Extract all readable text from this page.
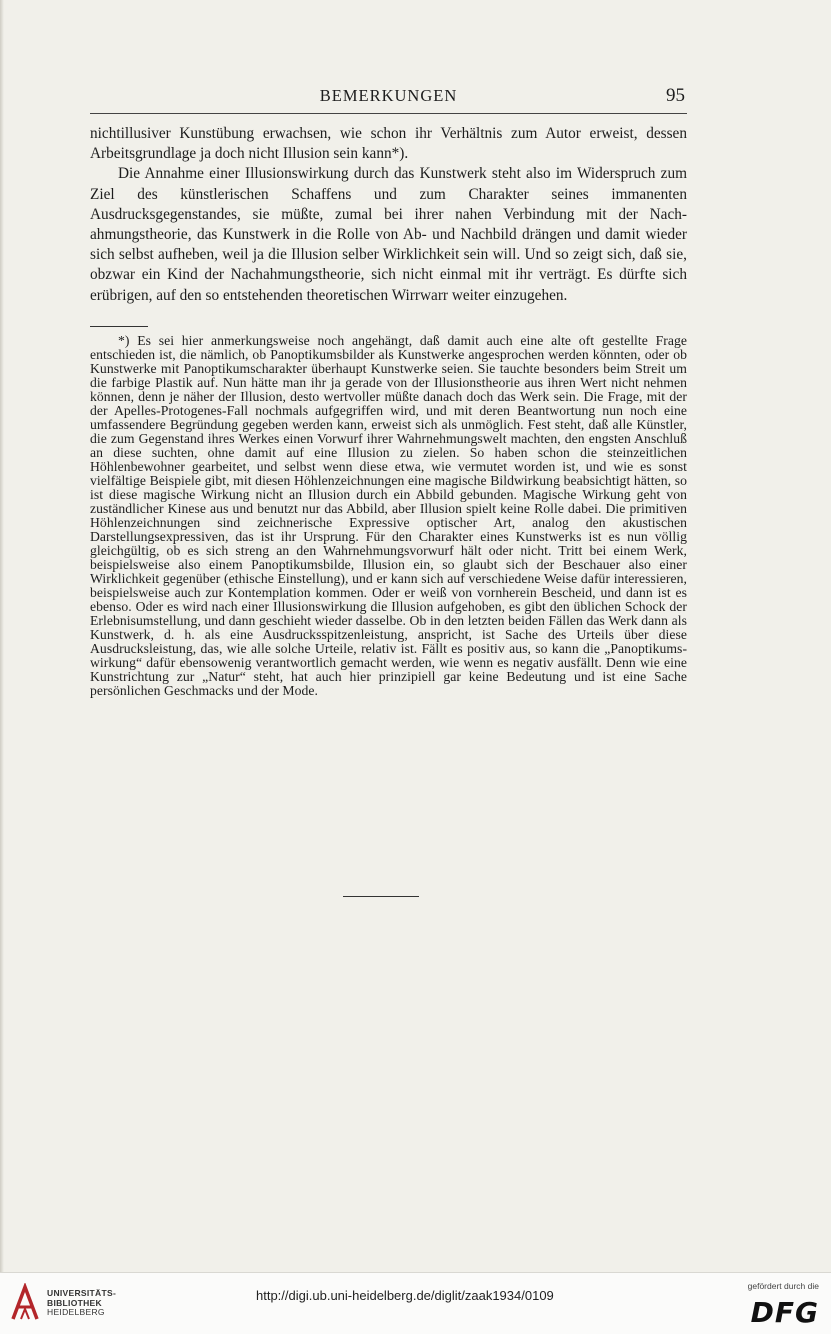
BEMERKUNGEN	95

nichtillusiver Kunstübung erwachsen, wie schon ihr Verhältnis zum Autor erweist, dessen Arbeitsgrundlage ja doch nicht Illusion sein kann*).

Die Annahme einer Illusionswirkung durch das Kunstwerk steht also im Widerspruch zum Ziel des künstlerischen Schaffens und zum Charakter seines immanenten Ausdrucksgegenstandes, sie müßte, zumal bei ihrer nahen Verbindung mit der Nachahmungstheorie, das Kunstwerk in die Rolle von Ab- und Nachbild drängen und damit wieder sich selbst aufheben, weil ja die Illusion selber Wirklichkeit sein will. Und so zeigt sich, daß sie, obzwar ein Kind der Nachahmungstheorie, sich nicht einmal mit ihr verträgt. Es dürfte sich erübrigen, auf den so entstehenden theoretischen Wirrwarr weiter einzugehen.

*) Es sei hier anmerkungsweise noch angehängt, daß damit auch eine alte oft gestellte Frage entschieden ist, die nämlich, ob Panoptikumsbilder als Kunstwerke angesprochen werden könnten, oder ob Kunstwerke mit Panoptikumscharakter überhaupt Kunstwerke seien. Sie tauchte besonders beim Streit um die farbige Plastik auf. Nun hätte man ihr ja gerade von der Illusionstheorie aus ihren Wert nicht nehmen können, denn je näher der Illusion, desto wertvoller müßte danach doch das Werk sein. Die Frage, mit der der Apelles-Protogenes-Fall nochmals aufgegriffen wird, und mit deren Beantwortung nun noch eine umfassendere Begründung gegeben werden kann, erweist sich als unmöglich. Fest steht, daß alle Künstler, die zum Gegenstand ihres Werkes einen Vorwurf ihrer Wahrnehmungswelt machten, den engsten Anschluß an diese suchten, ohne damit auf eine Illusion zu zielen. So haben schon die steinzeitlichen Höhlenbewohner gearbeitet, und selbst wenn diese etwa, wie vermutet worden ist, und wie es sonst vielfältige Beispiele gibt, mit diesen Höhlenzeichnungen eine magische Bildwirkung beabsichtigt hätten, so ist diese magische Wirkung nicht an Illusion durch ein Abbild gebunden. Magische Wirkung geht von zuständlicher Kinese aus und benutzt nur das Abbild, aber Illusion spielt keine Rolle dabei. Die primitiven Höhlenzeichnungen sind zeichnerische Expressive optischer Art, analog den akustischen Darstellungsexpressiven, das ist ihr Ursprung. Für den Charakter eines Kunstwerks ist es nun völlig gleichgültig, ob es sich streng an den Wahrnehmungsvorwurf hält oder nicht. Tritt bei einem Werk, beispielsweise also einem Panoptikumsbilde, Illusion ein, so glaubt sich der Beschauer also einer Wirklichkeit gegenüber (ethische Einstellung), und er kann sich auf verschiedene Weise dafür interessieren, beispielsweise auch zur Kontemplation kommen. Oder er weiß von vornherein Bescheid, und dann ist es ebenso. Oder es wird nach einer Illusionswirkung die Illusion aufgehoben, es gibt den üblichen Schock der Erlebnisumstellung, und dann geschieht wieder dasselbe. Ob in den letzten beiden Fällen das Werk dann als Kunstwerk, d. h. als eine Ausdrucksspitzenleistung, anspricht, ist Sache des Urteils über diese Ausdrucksleistung, das, wie alle solche Urteile, relativ ist. Fällt es positiv aus, so kann die „Panoptikumswirkung“ dafür ebensowenig verantwortlich gemacht werden, wie wenn es negativ ausfällt. Denn wie eine Kunstrichtung zur „Natur“ steht, hat auch hier prinzipiell gar keine Bedeutung und ist eine Sache persönlichen Geschmacks und der Mode.

UNIVERSITÄTS-
BIBLIOTHEK
HEIDELBERG
http://digi.ub.uni-heidelberg.de/diglit/zaak1934/0109
gefördert durch die
DFG
